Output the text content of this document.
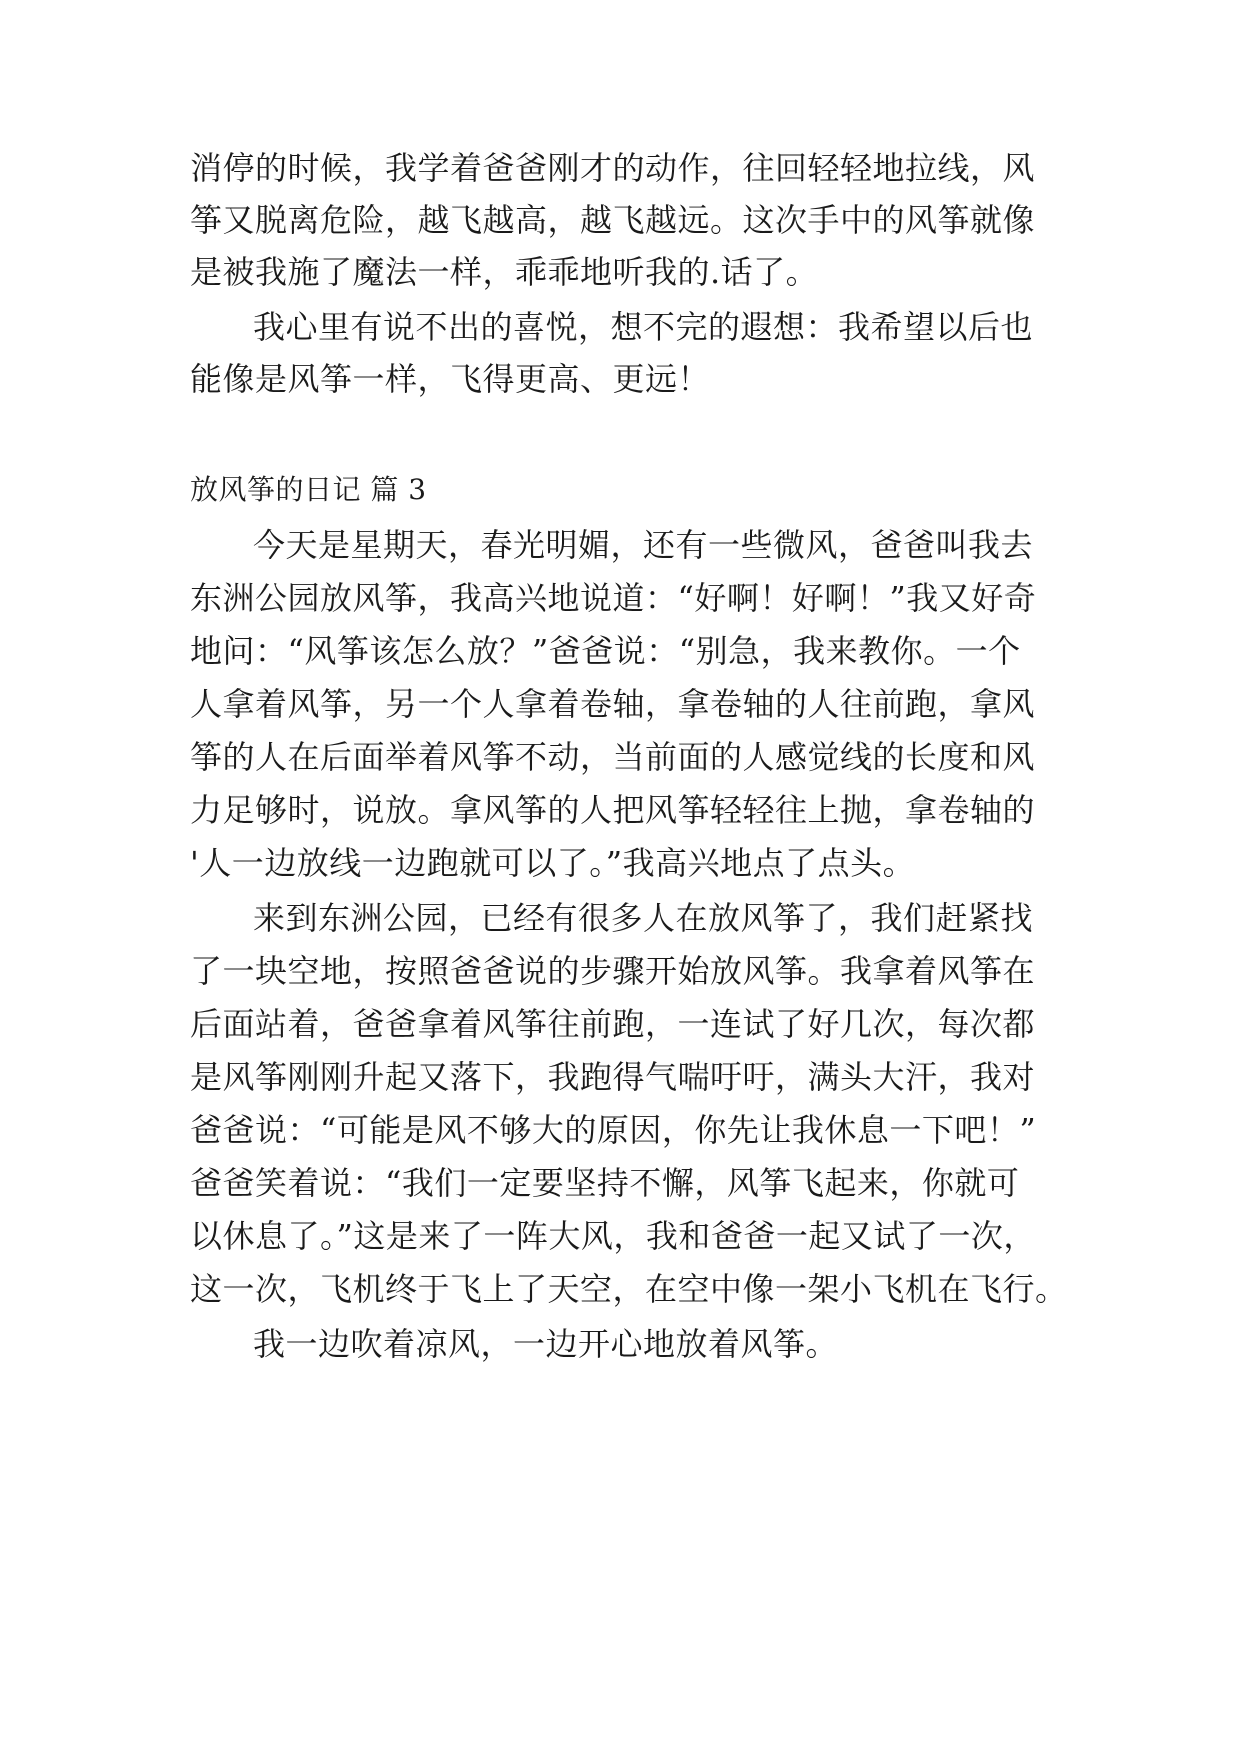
消停的时候，我学着爸爸刚才的动作，往回轻轻地拉线，风
筝又脱离危险，越飞越高，越飞越远。这次手中的风筝就像
是被我施了魔法一样，乖乖地听我的.话了。
我心里有说不出的喜悦，想不完的遐想：我希望以后也
能像是风筝一样，飞得更高、更远！
放风筝的日记 篇 3
今天是星期天，春光明媚，还有一些微风，爸爸叫我去
东洲公园放风筝，我高兴地说道：“好啊！好啊！”我又好奇
地问：“风筝该怎么放？”爸爸说：“别急，我来教你。一个
人拿着风筝，另一个人拿着卷轴，拿卷轴的人往前跑，拿风
筝的人在后面举着风筝不动，当前面的人感觉线的长度和风
力足够时，说放。拿风筝的人把风筝轻轻往上抛，拿卷轴的
'人一边放线一边跑就可以了。”我高兴地点了点头。
来到东洲公园，已经有很多人在放风筝了，我们赶紧找
了一块空地，按照爸爸说的步骤开始放风筝。我拿着风筝在
后面站着，爸爸拿着风筝往前跑，一连试了好几次，每次都
是风筝刚刚升起又落下，我跑得气喘吁吁，满头大汗，我对
爸爸说：“可能是风不够大的原因，你先让我休息一下吧！”
爸爸笑着说：“我们一定要坚持不懈，风筝飞起来，你就可
以休息了。”这是来了一阵大风，我和爸爸一起又试了一次，
这一次，飞机终于飞上了天空，在空中像一架小飞机在飞行。
我一边吹着凉风，一边开心地放着风筝。
